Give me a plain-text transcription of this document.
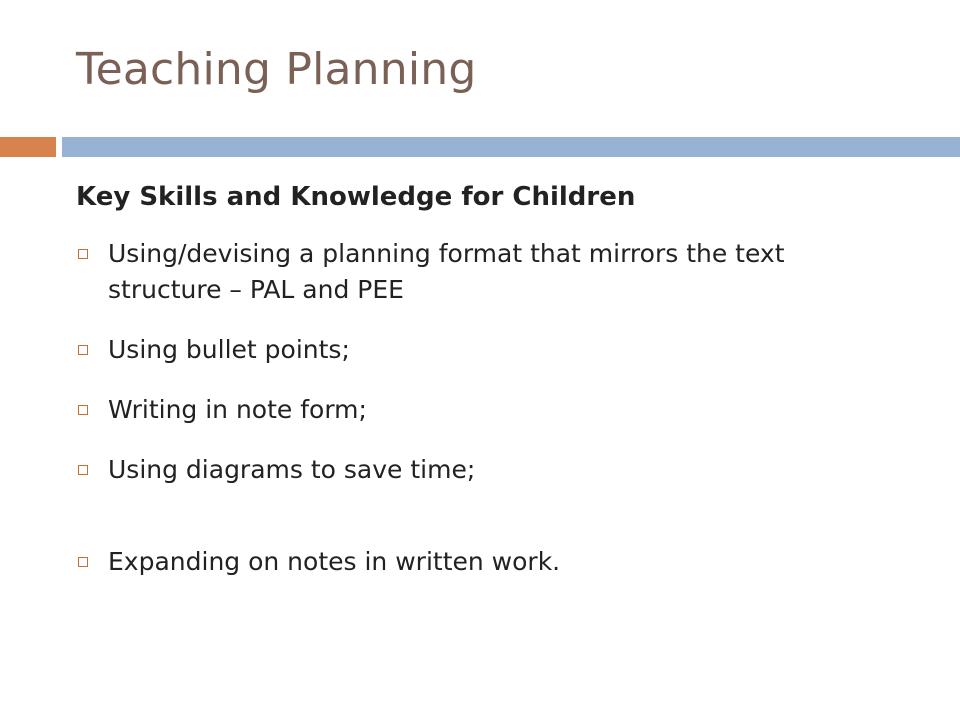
Teaching Planning
Key Skills and Knowledge for Children
Using/devising a planning format that mirrors the text structure – PAL and PEE
Using bullet points;
Writing in note form;
Using diagrams to save time;
Expanding on notes in written work.
